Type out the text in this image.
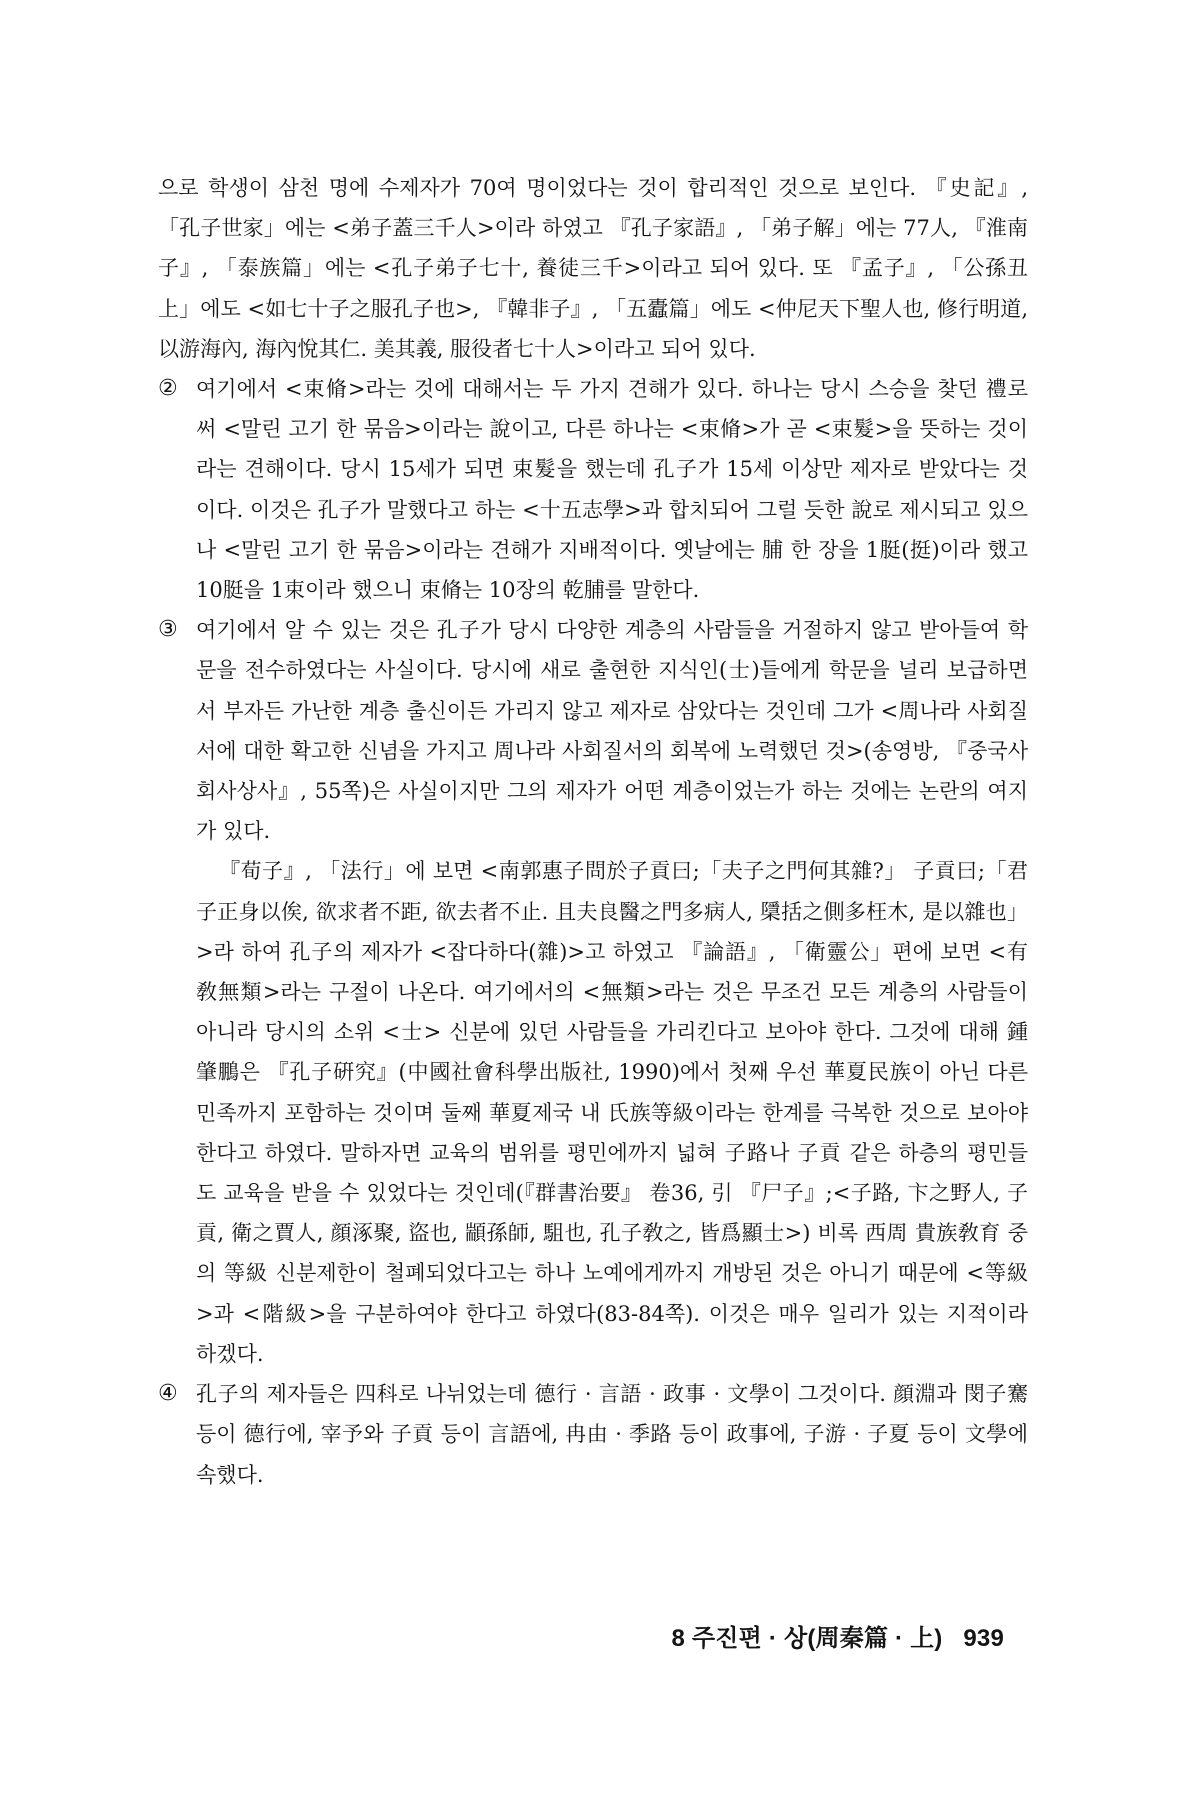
으로 학생이 삼천 명에 수제자가 70여 명이었다는 것이 합리적인 것으로 보인다. 『史記』, 「孔子世家」에는 <弟子蓋三千人>이라 하였고 『孔子家語』, 「弟子解」에는 77人, 『淮南子』, 「泰族篇」에는 <孔子弟子七十, 養徒三千>이라고 되어 있다. 또 『孟子』, 「公孫丑上」에도 <如七十子之服孔子也>, 『韓非子』, 「五蠹篇」에도 <仲尼天下聖人也, 修行明道, 以游海內, 海內悅其仁. 美其義, 服役者七十人>이라고 되어 있다.

② 여기에서 <束脩>라는 것에 대해서는 두 가지 견해가 있다. 하나는 당시 스승을 찾던 禮로써 <말린 고기 한 묶음>이라는 說이고, 다른 하나는 <束脩>가 곧 <束髮>을 뜻하는 것이라는 견해이다. 당시 15세가 되면 束髮을 했는데 孔子가 15세 이상만 제자로 받았다는 것이다. 이것은 孔子가 말했다고 하는 <十五志學>과 합치되어 그럴 듯한 說로 제시되고 있으나 <말린 고기 한 묶음>이라는 견해가 지배적이다. 옛날에는 脯 한 장을 1脡(挺)이라 했고 10脡을 1束이라 했으니 束脩는 10장의 乾脯를 말한다.

③ 여기에서 알 수 있는 것은 孔子가 당시 다양한 계층의 사람들을 거절하지 않고 받아들여 학문을 전수하였다는 사실이다. 당시에 새로 출현한 지식인(士)들에게 학문을 널리 보급하면서 부자든 가난한 계층 출신이든 가리지 않고 제자로 삼았다는 것인데 그가 <周나라 사회질서에 대한 확고한 신념을 가지고 周나라 사회질서의 회복에 노력했던 것>(송영방, 『중국사회사상사』, 55쪽)은 사실이지만 그의 제자가 어떤 계층이었는가 하는 것에는 논란의 여지가 있다.

『荀子』, 「法行」에 보면 <南郭惠子問於子貢曰;「夫子之門何其雜?」 子貢曰;「君子正身以俟, 欲求者不距, 欲去者不止. 且夫良醫之門多病人, 檃括之側多枉木, 是以雜也」>라 하여 孔子의 제자가 <잡다하다(雜)>고 하였고 『論語』, 「衛靈公」편에 보면 <有敎無類>라는 구절이 나온다. 여기에서의 <無類>라는 것은 무조건 모든 계층의 사람들이 아니라 당시의 소위 <士> 신분에 있던 사람들을 가리킨다고 보아야 한다. 그것에 대해 鍾肇鵬은 『孔子硏究』(中國社會科學出版社, 1990)에서 첫째 우선 華夏民族이 아닌 다른 민족까지 포함하는 것이며 둘째 華夏제국 내 氏族等級이라는 한계를 극복한 것으로 보아야 한다고 하였다. 말하자면 교육의 범위를 평민에까지 넓혀 子路나 子貢 같은 하층의 평민들도 교육을 받을 수 있었다는 것인데(『群書治要』 卷36, 引 『尸子』;<子路, 卞之野人, 子貢, 衛之賈人, 顔涿聚, 盜也, 顓孫師, 駔也, 孔子敎之, 皆爲顯士>) 비록 西周 貴族敎育 중의 等級 신분제한이 철폐되었다고는 하나 노예에게까지 개방된 것은 아니기 때문에 <等級>과 <階級>을 구분하여야 한다고 하였다(83-84쪽). 이것은 매우 일리가 있는 지적이라 하겠다.

④ 孔子의 제자들은 四科로 나뉘었는데 德行 · 言語 · 政事 · 文學이 그것이다. 顔淵과 閔子騫 등이 德行에, 宰予와 子貢 등이 言語에, 冉由 · 季路 등이 政事에, 子游 · 子夏 등이 文學에 속했다.

8 주진편 · 상(周秦篇 · 上) 939
